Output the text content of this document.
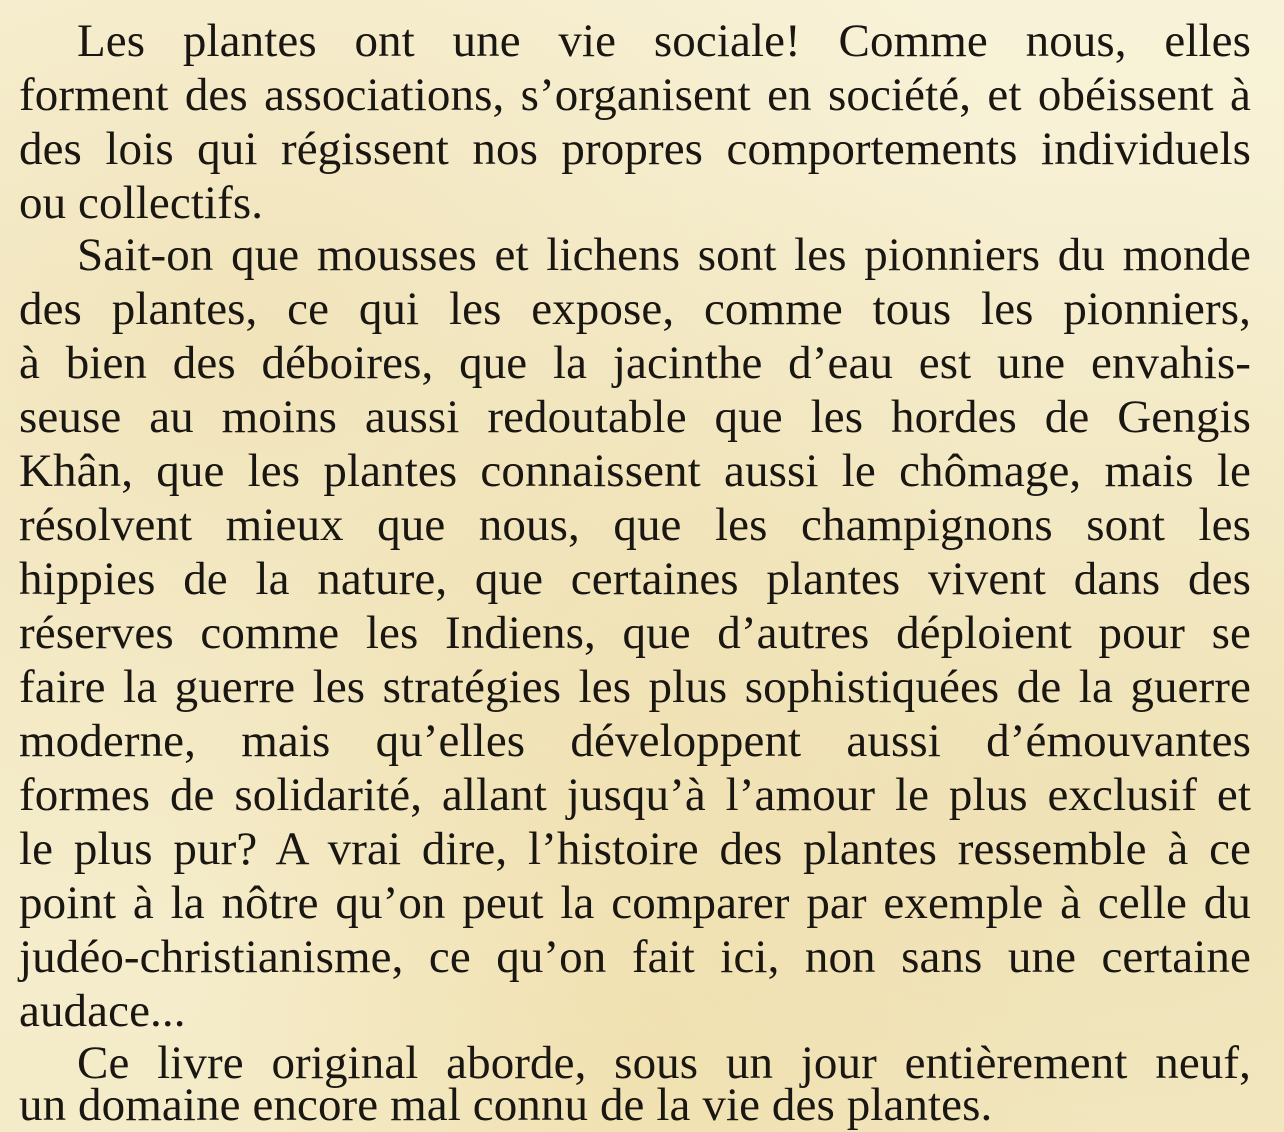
Les plantes ont une vie sociale! Comme nous, elles
forment des associations, s’organisent en société, et obéissent à
des lois qui régissent nos propres comportements individuels
ou collectifs.
Sait-on que mousses et lichens sont les pionniers du monde
des plantes, ce qui les expose, comme tous les pionniers,
à bien des déboires, que la jacinthe d’eau est une envahis-
seuse au moins aussi redoutable que les hordes de Gengis
Khân, que les plantes connaissent aussi le chômage, mais le
résolvent mieux que nous, que les champignons sont les
hippies de la nature, que certaines plantes vivent dans des
réserves comme les Indiens, que d’autres déploient pour se
faire la guerre les stratégies les plus sophistiquées de la guerre
moderne, mais qu’elles développent aussi d’émouvantes
formes de solidarité, allant jusqu’à l’amour le plus exclusif et
le plus pur? A vrai dire, l’histoire des plantes ressemble à ce
point à la nôtre qu’on peut la comparer par exemple à celle du
judéo-christianisme, ce qu’on fait ici, non sans une certaine
audace...
Ce livre original aborde, sous un jour entièrement neuf,
un domaine encore mal connu de la vie des plantes.
